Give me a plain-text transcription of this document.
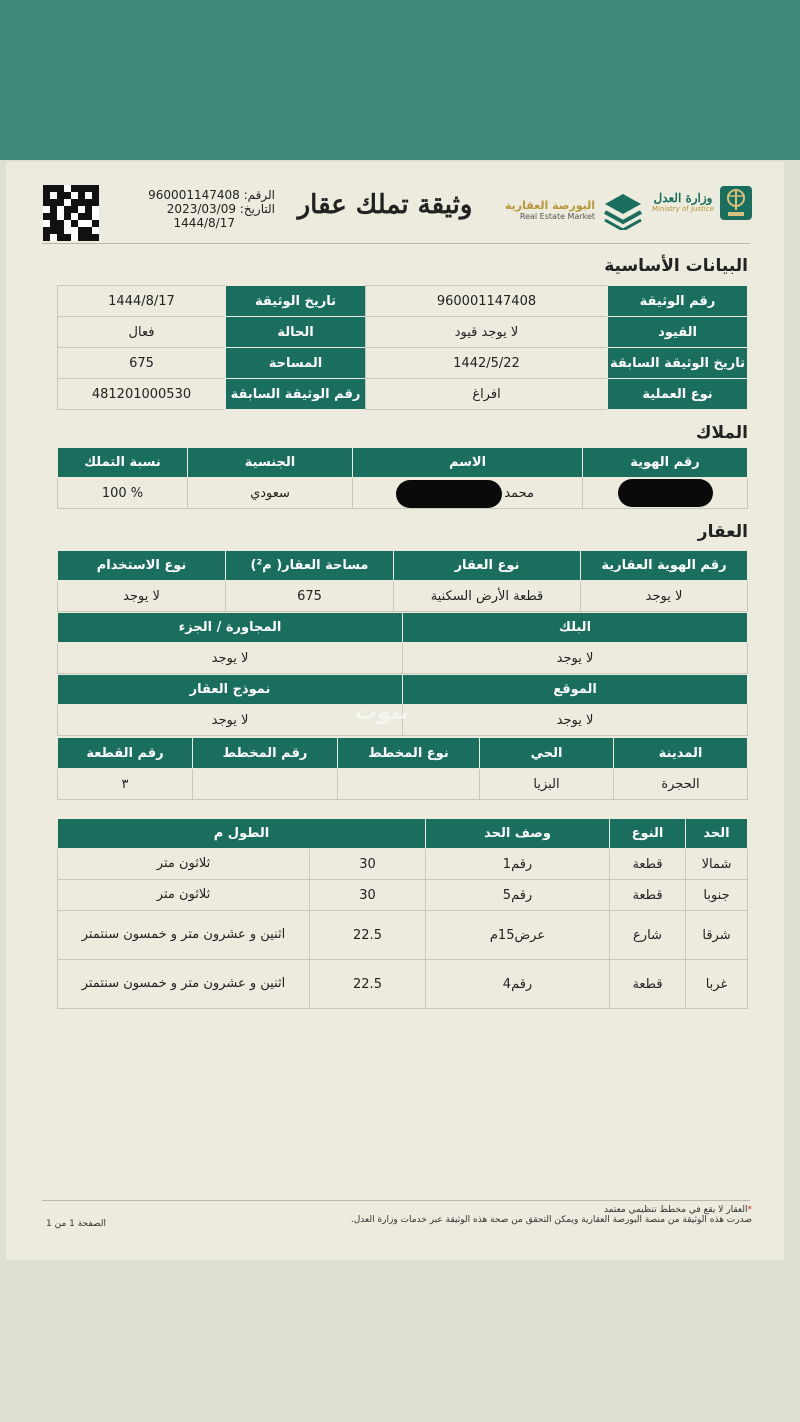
الرقم: 960001147408
التاريخ: 2023/03/09
1444/8/17
وثيقة تملك عقار	البورصة العقارية
Real Estate Market
وزارة العدل
Ministry of Justice
البيانات الأساسية
رقم الوثيقة	960001147408	تاريخ الوثيقة	1444/8/17
القيود	لا يوجد قيود	الحالة	فعال
تاريخ الوثيقة السابقة	1442/5/22	المساحة	675
نوع العملية	افراغ	رقم الوثيقة السابقة	481201000530
الملاك
رقم الهوية	الاسم	الجنسية	نسبة التملك

	محمد	سعودي	% 100
العقار
رقم الهوية العقارية	نوع العقار	مساحة العقار( م²)	نوع الاستخدام
لا يوجد	قطعة الأرض السكنية	675	لا يوجد
البلك	المجاورة / الجزء
لا يوجد	لا يوجد
الموقع	نموذج العقار
لا يوجد	لا يوجد	بيوت
المدينة	الحي	نوع المخطط	رقم المخطط	رقم القطعة
الحجرة	البزيا			٣
الحد	النوع	وصف الحد	الطول م	
شمالا	قطعة	رقم1	30	ثلاثون متر
جنوبا	قطعة	رقم5	30	ثلاثون متر
شرقا	شارع	عرض15م	22.5	اثنين و عشرون متر و خمسون سنتمتر
غربا	قطعة	رقم4	22.5	اثنين و عشرون متر و خمسون سنتمتر
*العقار لا يقع في مخطط تنظيمي معتمد
صدرت هذه الوثيقة من منصة البورصة العقارية ويمكن التحقق من صحة هذه الوثيقة عبر خدمات وزارة العدل.
الصفحة 1 من 1
